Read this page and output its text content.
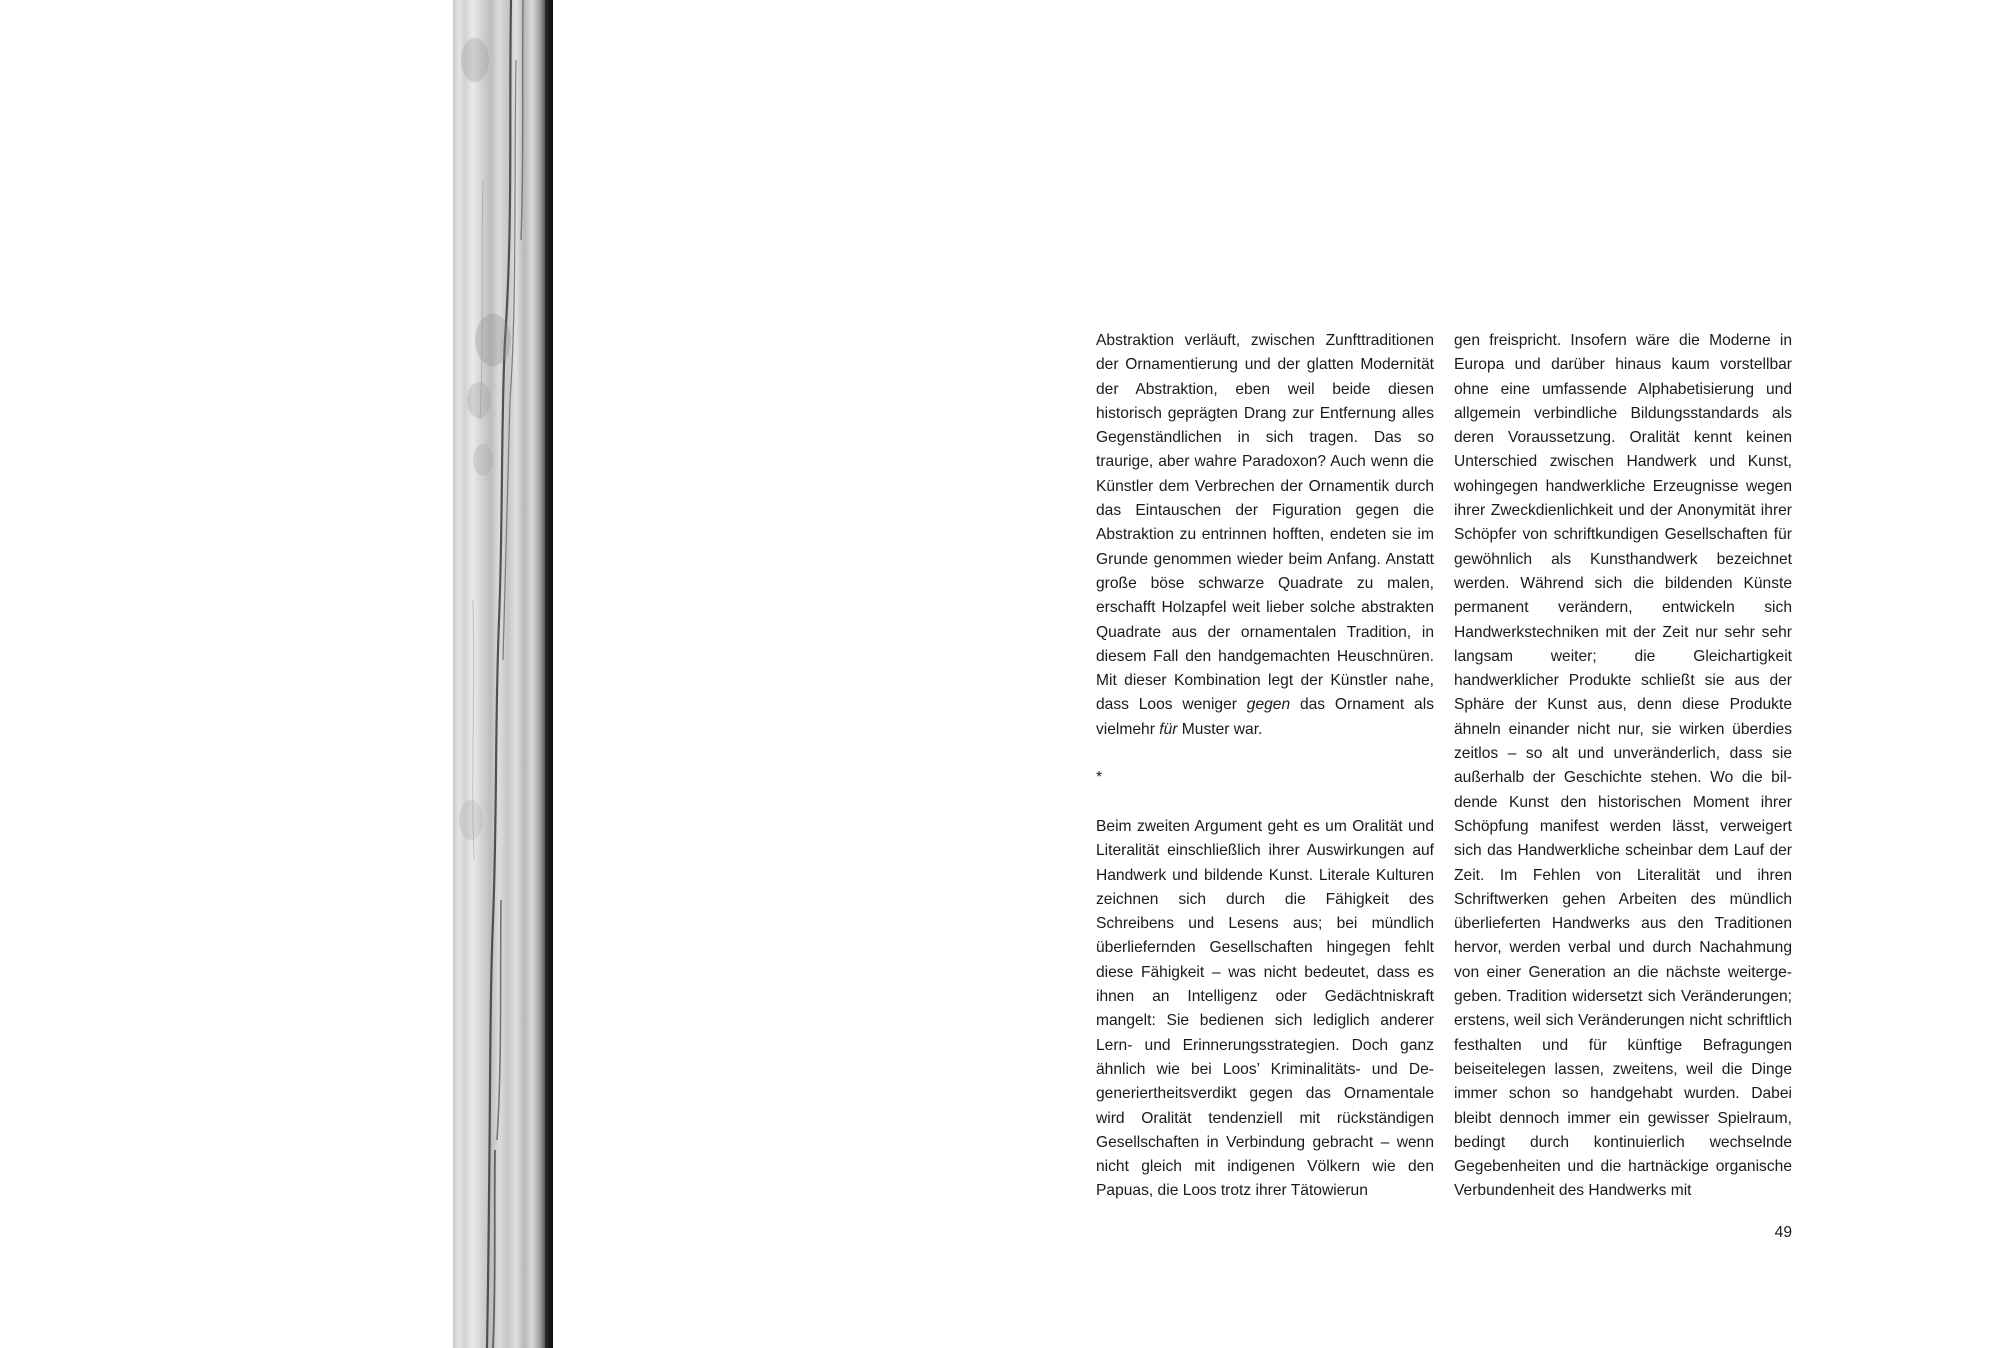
Abstraktion verläuft, zwischen Zunfttraditionen der Ornamentierung und der glatten Modernität der Abstraktion, eben weil beide diesen historisch geprägten Drang zur Entfernung alles Gegenständlichen in sich tragen. Das so traurige, aber wahre Paradoxon? Auch wenn die Künstler dem Verbrechen der Ornamentik durch das Eintauschen der Figuration gegen die Abstraktion zu entrinnen hofften, endeten sie im Grunde genommen wieder beim Anfang. Anstatt große böse schwarze Quadrate zu malen, erschafft Holzapfel weit lieber solche abstrakten Quadrate aus der ornamentalen Tradition, in diesem Fall den handgemachten Heuschnüren. Mit dieser Kombination legt der Künstler nahe, dass Loos weniger gegen das Ornament als vielmehr für Muster war.

*

Beim zweiten Argument geht es um Oralität und Literalität einschließlich ihrer Auswirkungen auf Handwerk und bildende Kunst. Literale Kulturen zeichnen sich durch die Fähigkeit des Schreibens und Lesens aus; bei mündlich überliefernden Gesellschaften hingegen fehlt diese Fähigkeit – was nicht bedeutet, dass es ihnen an Intelligenz oder Gedächtniskraft mangelt: Sie bedienen sich lediglich anderer Lern- und Erinnerungsstrategien. Doch ganz ähnlich wie bei Loos’ Kriminalitäts- und Degeneriertheitsverdikt gegen das Ornamentale wird Oralität tendenziell mit rückständigen Gesellschaften in Verbindung gebracht – wenn nicht gleich mit indigenen Völkern wie den Papuas, die Loos trotz ihrer Tätowierun

gen freispricht. Insofern wäre die Moderne in Europa und darüber hinaus kaum vorstellbar ohne eine umfassende Alphabetisierung und allgemein verbindliche Bildungsstandards als deren Voraussetzung. Oralität kennt keinen Unterschied zwischen Handwerk und Kunst, wohingegen handwerkliche Erzeugnisse wegen ihrer Zweckdienlichkeit und der Anonymität ihrer Schöpfer von schriftkundigen Gesellschaften für gewöhnlich als Kunsthandwerk bezeichnet werden. Während sich die bildenden Künste permanent verändern, entwickeln sich Handwerkstechniken mit der Zeit nur sehr sehr langsam weiter; die Gleichartigkeit handwerklicher Produkte schließt sie aus der Sphäre der Kunst aus, denn diese Produkte ähneln einander nicht nur, sie wirken überdies zeitlos – so alt und unveränderlich, dass sie außerhalb der Geschichte stehen. Wo die bildende Kunst den historischen Moment ihrer Schöpfung manifest werden lässt, verweigert sich das Handwerkliche scheinbar dem Lauf der Zeit. Im Fehlen von Literalität und ihren Schriftwerken gehen Arbeiten des mündlich überlieferten Handwerks aus den Traditionen hervor, werden verbal und durch Nachahmung von einer Generation an die nächste weitergegeben. Tradition widersetzt sich Veränderungen; erstens, weil sich Veränderungen nicht schriftlich festhalten und für künftige Befragungen beiseitelegen lassen, zweitens, weil die Dinge immer schon so handgehabt wurden. Dabei bleibt dennoch immer ein gewisser Spielraum, bedingt durch kontinuierlich wechselnde Gegebenheiten und die hartnäckige organische Verbundenheit des Handwerks mit

49
